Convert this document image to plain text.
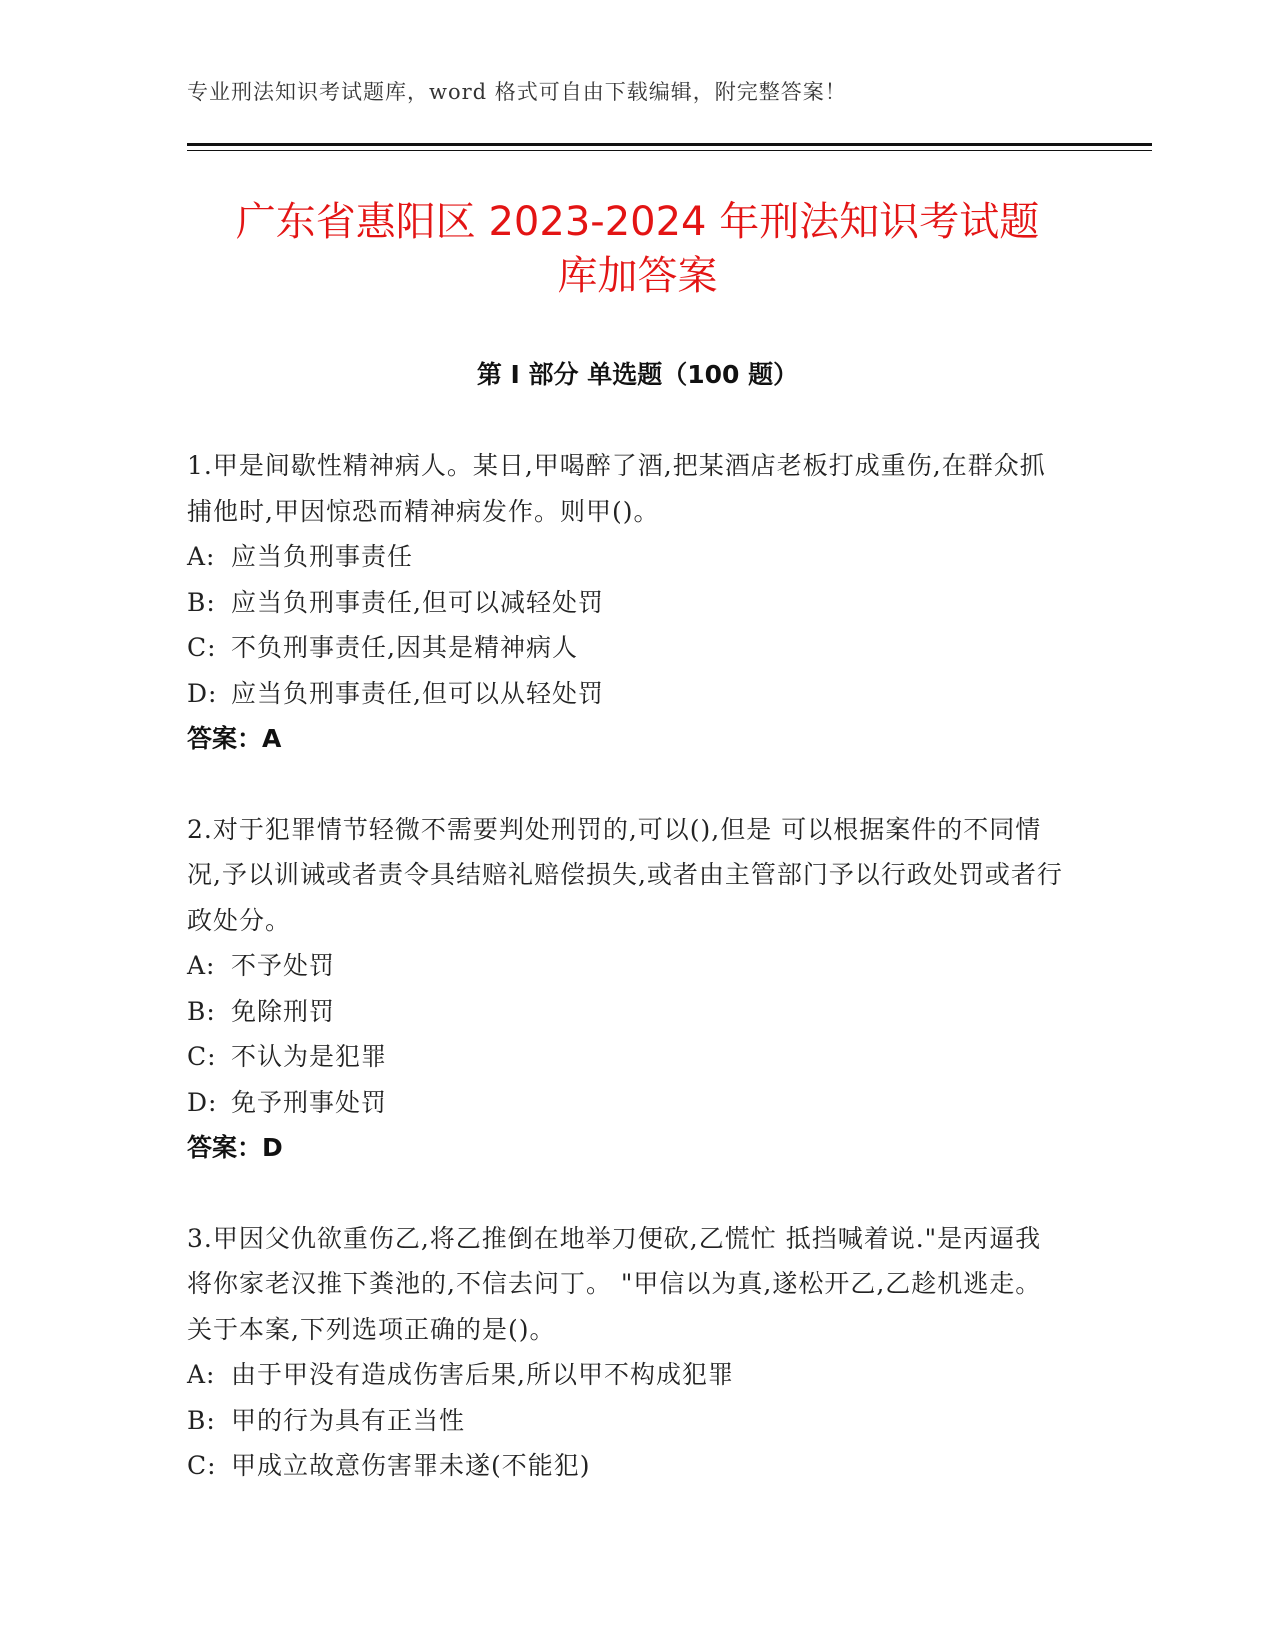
专业刑法知识考试题库，word 格式可自由下载编辑，附完整答案！
广东省惠阳区 2023-2024 年刑法知识考试题
库加答案
第 I 部分 单选题（100 题）

1.甲是间歇性精神病人。某日,甲喝醉了酒,把某酒店老板打成重伤,在群众抓捕他时,甲因惊恐而精神病发作。则甲()。

A: 应当负刑事责任

B: 应当负刑事责任,但可以减轻处罚

C: 不负刑事责任,因其是精神病人

D: 应当负刑事责任,但可以从轻处罚

答案：A

2.对于犯罪情节轻微不需要判处刑罚的,可以(),但是 可以根据案件的不同情况,予以训诫或者责令具结赔礼赔偿损失,或者由主管部门予以行政处罚或者行政处分。

A: 不予处罚

B: 免除刑罚

C: 不认为是犯罪

D: 免予刑事处罚

答案：D

3.甲因父仇欲重伤乙,将乙推倒在地举刀便砍,乙慌忙 抵挡喊着说."是丙逼我将你家老汉推下粪池的,不信去问丁。 "甲信以为真,遂松开乙,乙趁机逃走。关于本案,下列选项正确的是()。

A: 由于甲没有造成伤害后果,所以甲不构成犯罪

B: 甲的行为具有正当性

C: 甲成立故意伤害罪未遂(不能犯)
